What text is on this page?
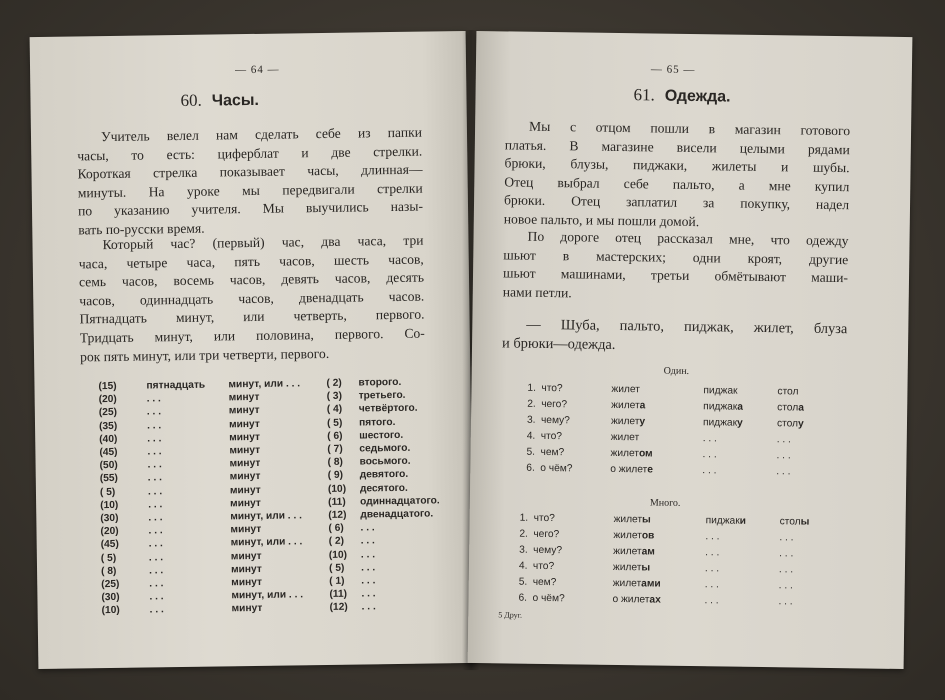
— 64 —
60. Часы.
Учитель велел нам сделать себе из папки
часы, то есть: циферблат и две стрелки.
Короткая стрелка показывает часы, длинная—
минуты. На уроке мы передвигали стрелки
по указанию учителя. Мы выучились назы-
вать по-русски время.
Который час? (первый) час, два часа, три
часа, четыре часа, пять часов, шесть часов,
семь часов, восемь часов, девять часов, десять
часов, одиннадцать часов, двенадцать часов.
Пятнадцать минут, или четверть, первого.
Тридцать минут, или половина, первого. Со-
рок пять минут, или три четверти, первого.
(15)	пятнадцать	минут, или . . .	( 2)	второго.
(20)	. . .	минут	( 3)	третьего.
(25)	. . .	минут	( 4)	четвёртого.
(35)	. . .	минут	( 5)	пятого.
(40)	. . .	минут	( 6)	шестого.
(45)	. . .	минут	( 7)	седьмого.
(50)	. . .	минут	( 8)	восьмого.
(55)	. . .	минут	( 9)	девятого.
( 5)	. . .	минут	(10)	десятого.
(10)	. . .	минут	(11)	одиннадцатого.
(30)	. . .	минут, или . . .	(12)	двенадцатого.
(20)	. . .	минут	( 6)	. . .
(45)	. . .	минут, или . . .	( 2)	. . .
( 5)	. . .	минут	(10)	. . .
( 8)	. . .	минут	( 5)	. . .
(25)	. . .	минут	( 1)	. . .
(30)	. . .	минут, или . . .	(11)	. . .
(10)	. . .	минут	(12)	. . .
— 65 —
61. Одежда.
Мы с отцом пошли в магазин готового
платья. В магазине висели целыми рядами
брюки, блузы, пиджаки, жилеты и шубы.
Отец выбрал себе пальто, а мне купил
брюки. Отец заплатил за покупку, надел
новое пальто, и мы пошли домой.
По дороге отец рассказал мне, что одежду
шьют в мастерских; одни кроят, другие
шьют машинами, третьи обмётывают маши-
нами петли.
— Шуба, пальто, пиджак, жилет, блуза
и брюки—одежда.
Один.
1.	что?	жилет	пиджак	стол
2.	чего?	жилета	пиджака	стола
3.	чему?	жилету	пиджаку	столу
4.	что?	жилет	. . .	. . .
5.	чем?	жилетом	. . .	. . .
6.	о чём?	о жилете	. . .	. . .
Много.
1.	что?	жилеты	пиджаки	столы
2.	чего?	жилетов	. . .	. . .
3.	чему?	жилетам	. . .	. . .
4.	что?	жилеты	. . .	. . .
5.	чем?	жилетами	. . .	. . .
6.	о чём?	о жилетах	. . .	. . .
5 Друг.
